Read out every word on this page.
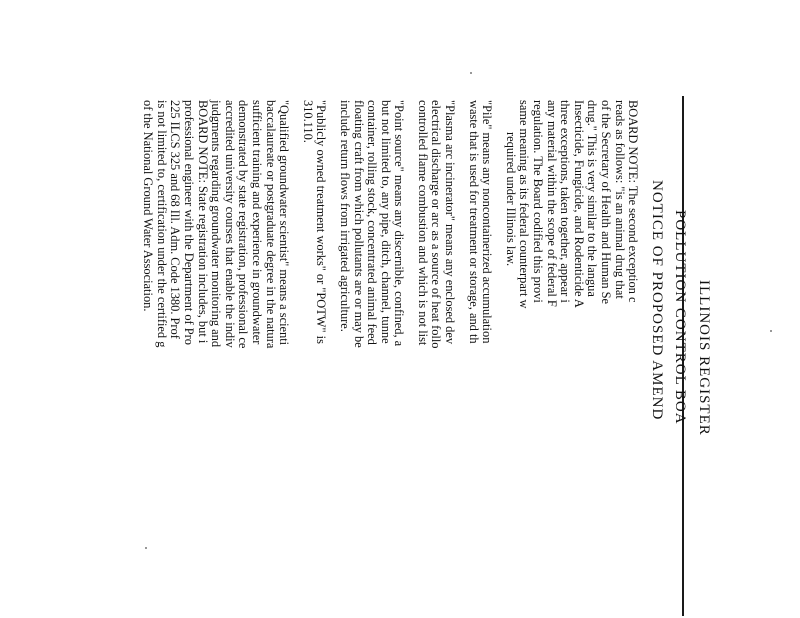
ILLINOIS REGISTER
POLLUTION CONTROL BOA
NOTICE OF PROPOSED AMEND
BOARD NOTE: The second exception c
reads as follows: "is an animal drug that
of the Secretary of Health and Human Se
drug." This is very similar to the langua
Insecticide, Fungicide, and Rodenticide A
three exceptions, taken together, appear i
any material within the scope of federal F
regulation. The Board codified this provi
same meaning as its federal counterpart w
required under Illinois law.
"Pile" means any noncontainerized accumulation
waste that is used for treatment or storage, and th
"Plasma arc incinerator" means any enclosed dev
electrical discharge or arc as a source of heat follo
controlled flame combustion and which is not list
"Point source" means any discernible, confined, a
but not limited to, any pipe, ditch, channel, tunne
container, rolling stock, concentrated animal feed
floating craft from which pollutants are or may be
include return flows from irrigated agriculture.
"Publicly owned treatment works" or "POTW" is
310.110.
"Qualified groundwater scientist" means a scienti
baccalaureate or postgraduate degree in the natura
sufficient training and experience in groundwater
demonstrated by state registration, professional ce
accredited university courses that enable the indiv
judgments regarding groundwater monitoring and
BOARD NOTE: State registration includes, but i
professional engineer with the Department of Pro
225 ILCS 325 and 68 Ill. Adm. Code 1380. Prof
is not limited to, certification under the certified g
of the National Ground Water Association.
